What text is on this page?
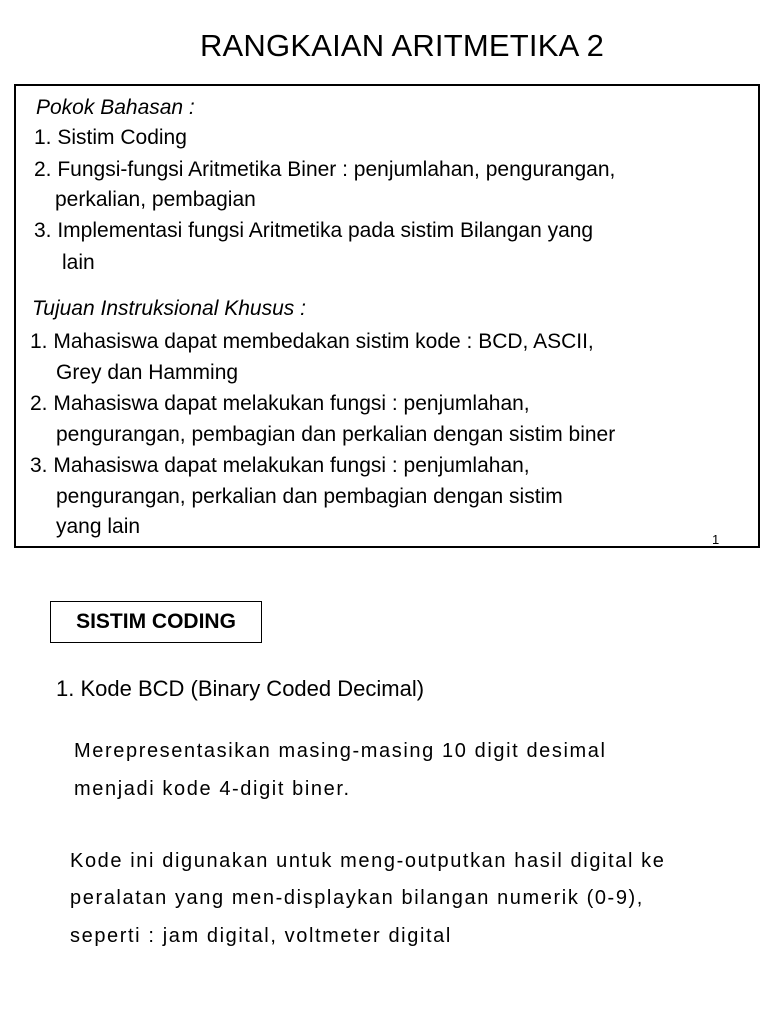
RANGKAIAN ARITMETIKA 2
Pokok Bahasan :
1. Sistim Coding
2. Fungsi-fungsi Aritmetika Biner : penjumlahan, pengurangan,
perkalian, pembagian
3. Implementasi fungsi Aritmetika pada sistim Bilangan yang
lain
Tujuan Instruksional Khusus :
1. Mahasiswa dapat membedakan sistim kode : BCD, ASCII,
Grey dan Hamming
2. Mahasiswa dapat melakukan fungsi : penjumlahan,
pengurangan, pembagian dan perkalian dengan sistim biner
3. Mahasiswa dapat melakukan fungsi : penjumlahan,
pengurangan, perkalian dan pembagian dengan sistim
yang lain
1
SISTIM CODING
1. Kode BCD (Binary Coded Decimal)
Merepresentasikan masing-masing 10 digit desimal
menjadi kode 4-digit biner.
Kode ini digunakan untuk meng-outputkan hasil digital ke
peralatan yang men-displaykan bilangan numerik (0-9),
seperti : jam digital, voltmeter digital
